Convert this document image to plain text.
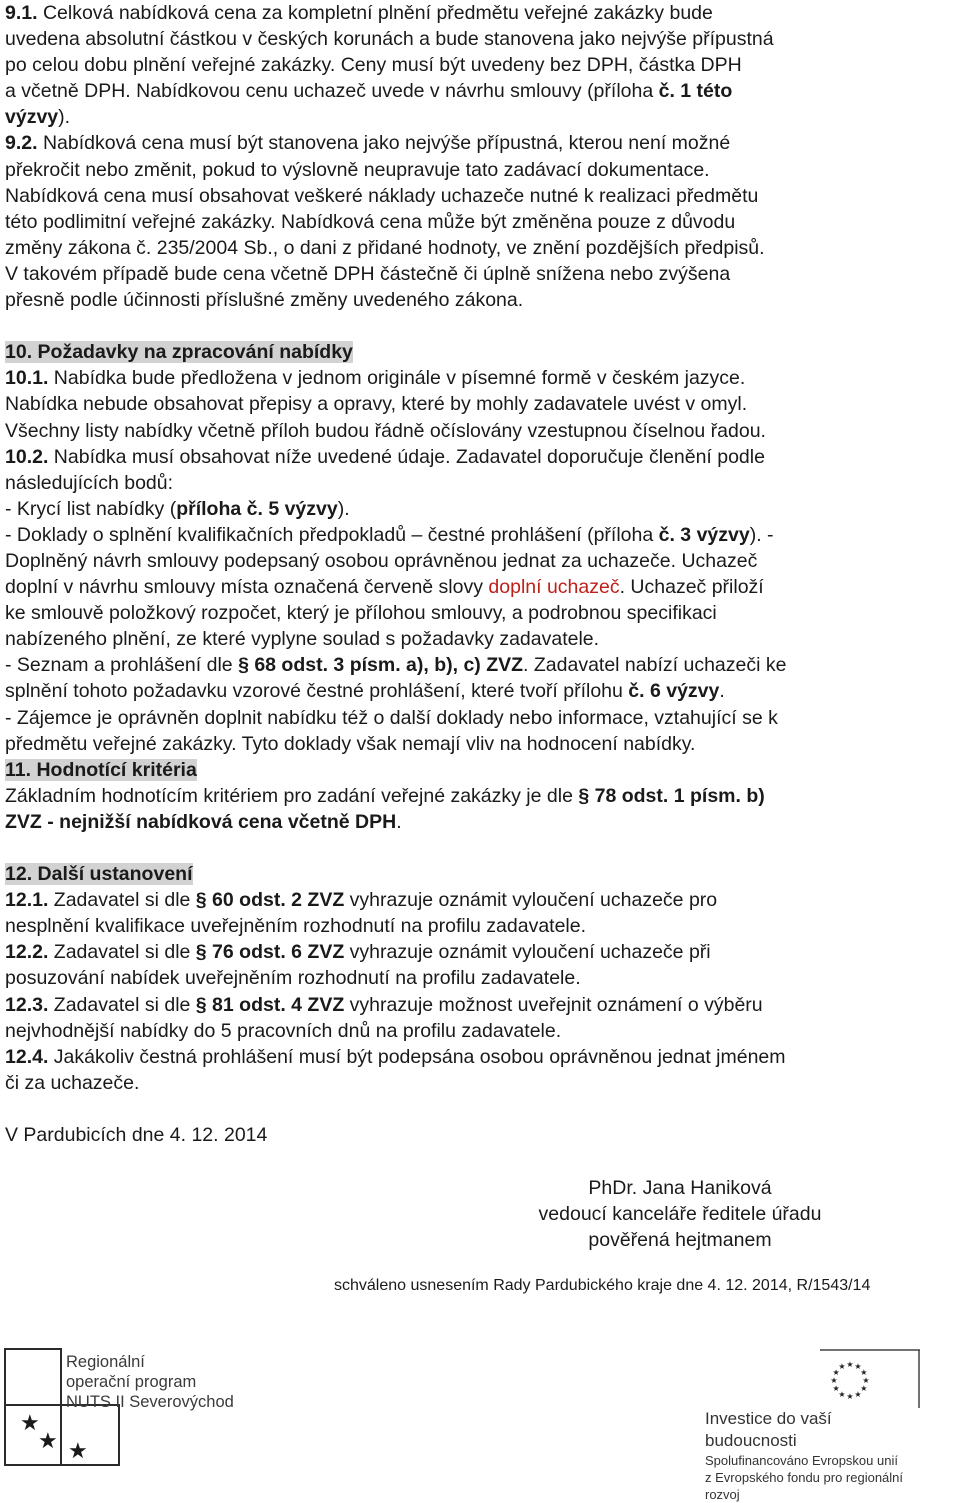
9.1. Celková nabídková cena za kompletní plnění předmětu veřejné zakázky bude
uvedena absolutní částkou v českých korunách a bude stanovena jako nejvýše přípustná
po celou dobu plnění veřejné zakázky. Ceny musí být uvedeny bez DPH, částka DPH
a včetně DPH. Nabídkovou cenu uchazeč uvede v návrhu smlouvy (příloha č. 1 této
výzvy).
9.2. Nabídková cena musí být stanovena jako nejvýše přípustná, kterou není možné
překročit nebo změnit, pokud to výslovně neupravuje tato zadávací dokumentace.
Nabídková cena musí obsahovat veškeré náklady uchazeče nutné k realizaci předmětu
této podlimitní veřejné zakázky. Nabídková cena může být změněna pouze z důvodu
změny zákona č. 235/2004 Sb., o dani z přidané hodnoty, ve znění pozdějších předpisů.
V takovém případě bude cena včetně DPH částečně či úplně snížena nebo zvýšena
přesně podle účinnosti příslušné změny uvedeného zákona.

10. Požadavky na zpracování nabídky
10.1. Nabídka bude předložena v jednom originále v písemné formě v českém jazyce.
Nabídka nebude obsahovat přepisy a opravy, které by mohly zadavatele uvést v omyl.
Všechny listy nabídky včetně příloh budou řádně očíslovány vzestupnou číselnou řadou.
10.2. Nabídka musí obsahovat níže uvedené údaje. Zadavatel doporučuje členění podle
následujících bodů:
- Krycí list nabídky (příloha č. 5 výzvy).
- Doklady o splnění kvalifikačních předpokladů – čestné prohlášení (příloha č. 3 výzvy). -
Doplněný návrh smlouvy podepsaný osobou oprávněnou jednat za uchazeče. Uchazeč
doplní v návrhu smlouvy místa označená červeně slovy doplní uchazeč. Uchazeč přiloží
ke smlouvě položkový rozpočet, který je přílohou smlouvy, a podrobnou specifikaci
nabízeného plnění, ze které vyplyne soulad s požadavky zadavatele.
- Seznam a prohlášení dle § 68 odst. 3 písm. a), b), c) ZVZ. Zadavatel nabízí uchazeči ke
splnění tohoto požadavku vzorové čestné prohlášení, které tvoří přílohu č. 6 výzvy.
- Zájemce je oprávněn doplnit nabídku též o další doklady nebo informace, vztahující se k
předmětu veřejné zakázky. Tyto doklady však nemají vliv na hodnocení nabídky.
11. Hodnotící kritéria
Základním hodnotícím kritériem pro zadání veřejné zakázky je dle § 78 odst. 1 písm. b)
ZVZ - nejnižší nabídková cena včetně DPH.

12. Další ustanovení
12.1. Zadavatel si dle § 60 odst. 2 ZVZ vyhrazuje oznámit vyloučení uchazeče pro
nesplnění kvalifikace uveřejněním rozhodnutí na profilu zadavatele.
12.2. Zadavatel si dle § 76 odst. 6 ZVZ vyhrazuje oznámit vyloučení uchazeče při
posuzování nabídek uveřejněním rozhodnutí na profilu zadavatele.
12.3. Zadavatel si dle § 81 odst. 4 ZVZ vyhrazuje možnost uveřejnit oznámení o výběru
nejvhodnější nabídky do 5 pracovních dnů na profilu zadavatele.
12.4. Jakákoliv čestná prohlášení musí být podepsána osobou oprávněnou jednat jménem
či za uchazeče.

V Pardubicích dne 4. 12. 2014
PhDr. Jana Haniková
vedoucí kanceláře ředitele úřadu
pověřená hejtmanem
schváleno usnesením Rady Pardubického kraje dne 4. 12. 2014, R/1543/14
★
★ ★
Regionální
operační program
NUTS II Severovýchod
★
★
★
★
★
★
★
★
★ ★ ★
★
Investice do vaší budoucnosti
Spolufinancováno Evropskou unií
z Evropského fondu pro regionální rozvoj
